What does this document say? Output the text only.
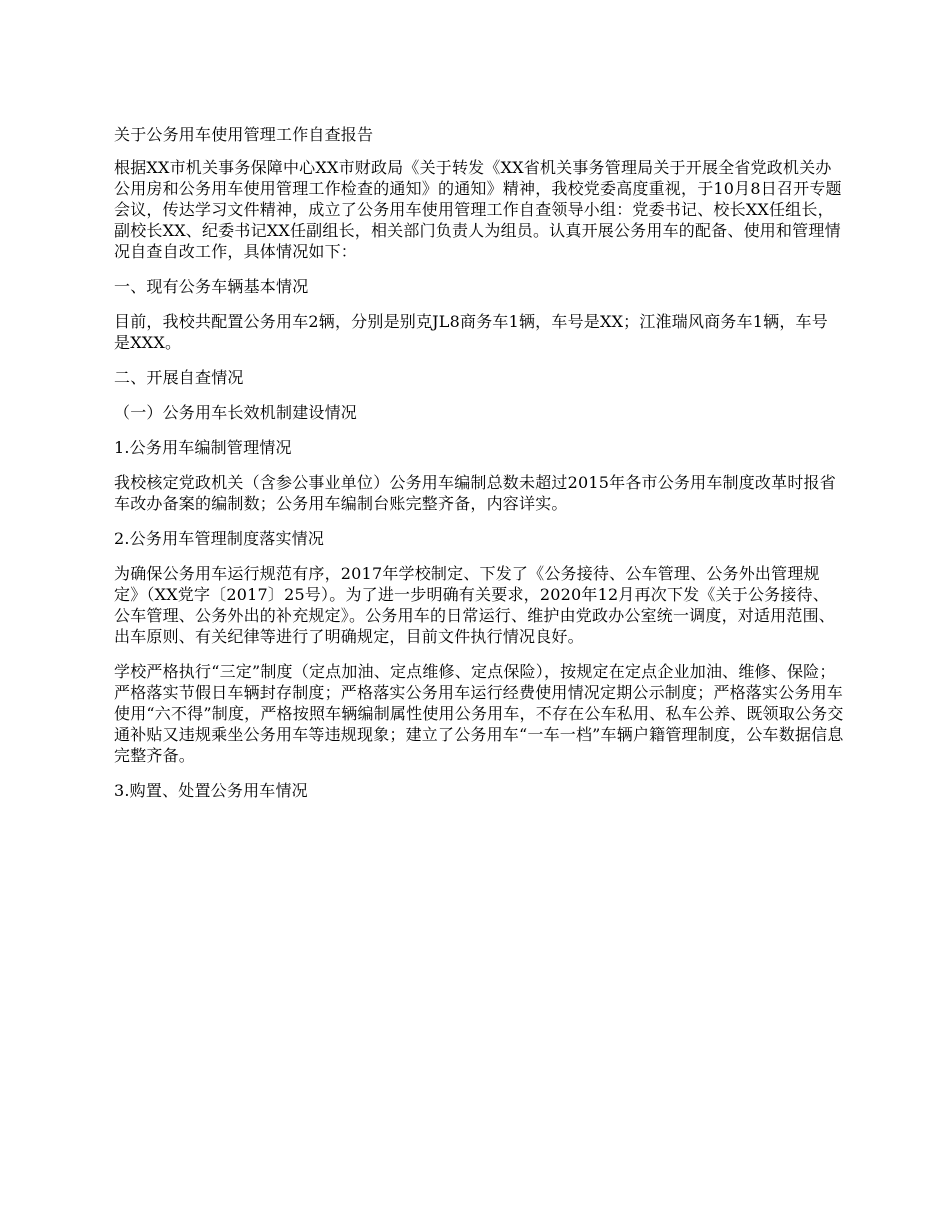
关于公务用车使用管理工作自查报告

根据XX市机关事务保障中心XX市财政局《关于转发《XX省机关事务管理局关于开展全省党政机关办公用房和公务用车使用管理工作检查的通知》的通知》精神，我校党委高度重视，于10月8日召开专题会议，传达学习文件精神，成立了公务用车使用管理工作自查领导小组：党委书记、校长XX任组长，副校长XX、纪委书记XX任副组长，相关部门负责人为组员。认真开展公务用车的配备、使用和管理情况自查自改工作，具体情况如下：

一、现有公务车辆基本情况

目前，我校共配置公务用车2辆，分别是别克JL8商务车1辆，车号是XX；江淮瑞风商务车1辆，车号是XXX。

二、开展自查情况

（一）公务用车长效机制建设情况

1.公务用车编制管理情况

我校核定党政机关（含参公事业单位）公务用车编制总数未超过2015年各市公务用车制度改革时报省车改办备案的编制数；公务用车编制台账完整齐备，内容详实。

2.公务用车管理制度落实情况

为确保公务用车运行规范有序，2017年学校制定、下发了《公务接待、公车管理、公务外出管理规定》（XX党字〔2017〕25号）。为了进一步明确有关要求，2020年12月再次下发《关于公务接待、公车管理、公务外出的补充规定》。公务用车的日常运行、维护由党政办公室统一调度，对适用范围、出车原则、有关纪律等进行了明确规定，目前文件执行情况良好。

学校严格执行“三定”制度（定点加油、定点维修、定点保险），按规定在定点企业加油、维修、保险；严格落实节假日车辆封存制度；严格落实公务用车运行经费使用情况定期公示制度；严格落实公务用车使用“六不得”制度，严格按照车辆编制属性使用公务用车，不存在公车私用、私车公养、既领取公务交通补贴又违规乘坐公务用车等违规现象；建立了公务用车“一车一档”车辆户籍管理制度，公车数据信息完整齐备。

3.购置、处置公务用车情况
